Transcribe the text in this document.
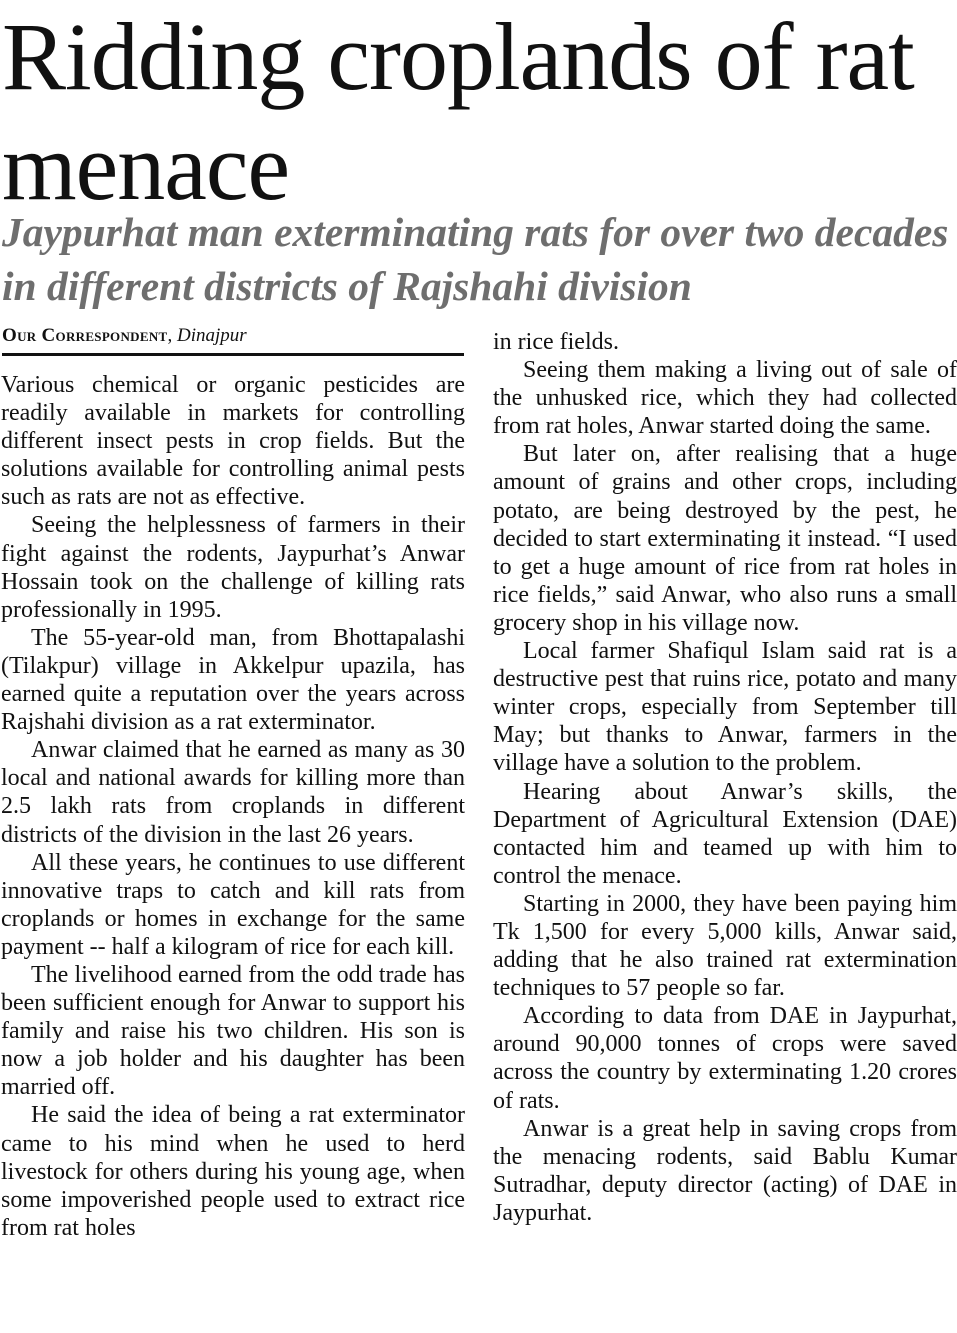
Ridding croplands of rat menace
Jaypurhat man exterminating rats for over two decades in different districts of Rajshahi division
Our Correspondent, Dinajpur

Various chemical or organic pesticides are readily available in markets for controlling different insect pests in crop fields. But the solutions available for controlling animal pests such as rats are not as effective.

Seeing the helplessness of farmers in their fight against the rodents, Jaypurhat’s Anwar Hossain took on the challenge of killing rats professionally in 1995.

The 55-year-old man, from Bhottapalashi (Tilakpur) village in Akkelpur upazila, has earned quite a reputation over the years across Rajshahi division as a rat exterminator.

Anwar claimed that he earned as many as 30 local and national awards for killing more than 2.5 lakh rats from croplands in different districts of the division in the last 26 years.

All these years, he continues to use different innovative traps to catch and kill rats from croplands or homes in exchange for the same payment -- half a kilogram of rice for each kill.

The livelihood earned from the odd trade has been sufficient enough for Anwar to support his family and raise his two children. His son is now a job holder and his daughter has been married off.

He said the idea of being a rat exterminator came to his mind when he used to herd livestock for others during his young age, when some impoverished people used to extract rice from rat holes

in rice fields.

Seeing them making a living out of sale of the unhusked rice, which they had collected from rat holes, Anwar started doing the same.

But later on, after realising that a huge amount of grains and other crops, including potato, are being destroyed by the pest, he decided to start exterminating it instead. “I used to get a huge amount of rice from rat holes in rice fields,” said Anwar, who also runs a small grocery shop in his village now.

Local farmer Shafiqul Islam said rat is a destructive pest that ruins rice, potato and many winter crops, especially from September till May; but thanks to Anwar, farmers in the village have a solution to the problem.

Hearing about Anwar’s skills, the Department of Agricultural Extension (DAE) contacted him and teamed up with him to control the menace.

Starting in 2000, they have been paying him Tk 1,500 for every 5,000 kills, Anwar said, adding that he also trained rat extermination techniques to 57 people so far.

According to data from DAE in Jaypurhat, around 90,000 tonnes of crops were saved across the country by exterminating 1.20 crores of rats.

Anwar is a great help in saving crops from the menacing rodents, said Bablu Kumar Sutradhar, deputy director (acting) of DAE in Jaypurhat.
